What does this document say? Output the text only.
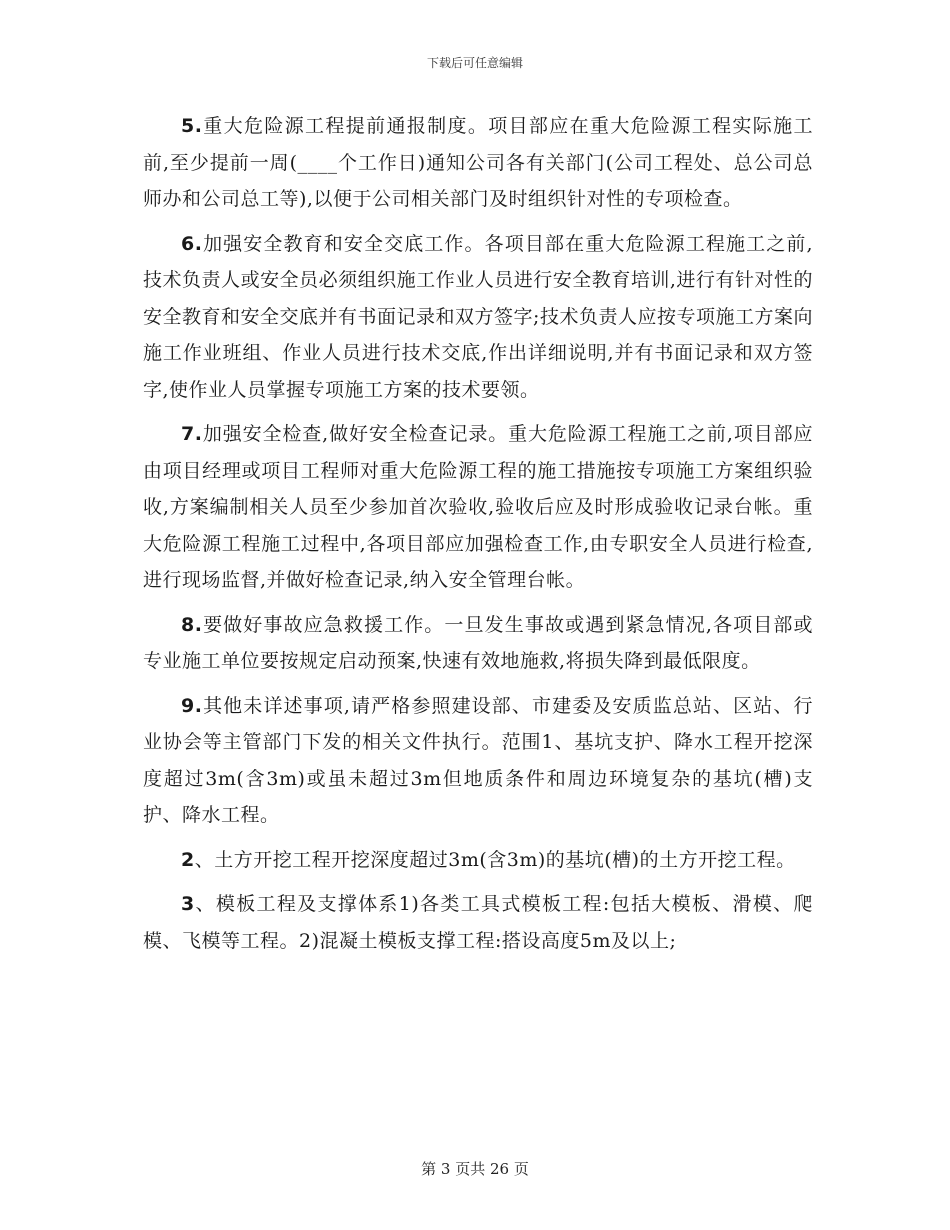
下载后可任意编辑

5.重大危险源工程提前通报制度。项目部应在重大危险源工程实际施工前,至少提前一周(____个工作日)通知公司各有关部门(公司工程处、总公司总师办和公司总工等),以便于公司相关部门及时组织针对性的专项检查。

6.加强安全教育和安全交底工作。各项目部在重大危险源工程施工之前,技术负责人或安全员必须组织施工作业人员进行安全教育培训,进行有针对性的安全教育和安全交底并有书面记录和双方签字;技术负责人应按专项施工方案向施工作业班组、作业人员进行技术交底,作出详细说明,并有书面记录和双方签字,使作业人员掌握专项施工方案的技术要领。

7.加强安全检查,做好安全检查记录。重大危险源工程施工之前,项目部应由项目经理或项目工程师对重大危险源工程的施工措施按专项施工方案组织验收,方案编制相关人员至少参加首次验收,验收后应及时形成验收记录台帐。重大危险源工程施工过程中,各项目部应加强检查工作,由专职安全人员进行检查,进行现场监督,并做好检查记录,纳入安全管理台帐。

8.要做好事故应急救援工作。一旦发生事故或遇到紧急情况,各项目部或专业施工单位要按规定启动预案,快速有效地施救,将损失降到最低限度。

9.其他未详述事项,请严格参照建设部、市建委及安质监总站、区站、行业协会等主管部门下发的相关文件执行。范围1、基坑支护、降水工程开挖深度超过3m(含3m)或虽未超过3m但地质条件和周边环境复杂的基坑(槽)支护、降水工程。

2、土方开挖工程开挖深度超过3m(含3m)的基坑(槽)的土方开挖工程。

3、模板工程及支撑体系1)各类工具式模板工程:包括大模板、滑模、爬模、飞模等工程。2)混凝土模板支撑工程:搭设高度5m及以上;

第 3 页共 26 页
